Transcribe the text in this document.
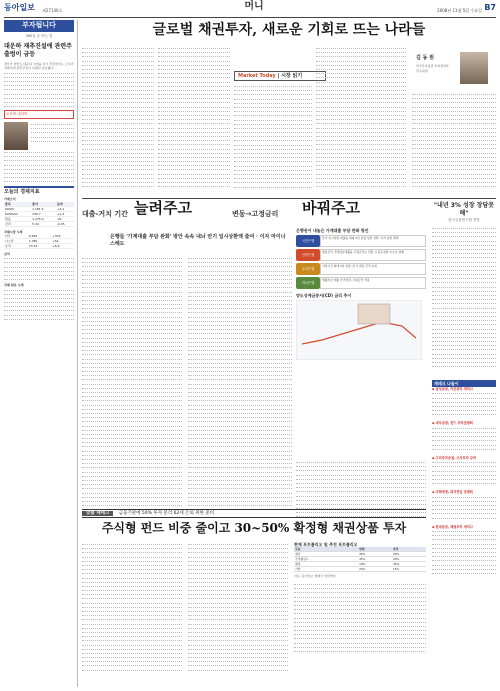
동아일보 제27146호	머니	2008년 11월 5일 수요일 B7
부자됩니다
365일 돈 버는 법
대운하 재추진설에 관련주 출렁이 금등
정부가 한반도 대운하 사업을 다시 추진한다는 소식이 전해지며 관련주들이 일제히 급등했다.
오르막 내리막
오늘의 경제지표
가계소식
종목	종가	등락
KOSPI	1,181.5	+2.1
KOSDAQ	336.7	+1.4
환율	1,275.0	-21
금리	5.44	-0.05
국제시장 시세
다우	9,625	+305
나스닥	1,780	+54
유가	70.53	+6.6
금리
국제 원유 시세
글로벌 채권투자, 새로운 기회로 뜨는 나라들
Market Today | 시장 읽기
김 동 원
한국투자증권 투자전략부 연구위원
대출-거치 기간 늘려주고	변동→고정금리 바꿔주고
은행들 '가계대출 부담 완화' 방안 속속 내놔 만기 일시상환액 줄여 · 이자 마이너스해도
은행권이 내놓은 가계대출 부담 완화 방안
국민은행
만기 일시상환 대출을 최대 5년 분할 상환 전환. 이자 감면 혜택
신한은행
변동금리 주택담보대출을 고정금리로 전환 시 중도상환 수수료 면제
우리은행
거치기간 최대 3년 연장, 만기 연장 금리 우대
하나은행
생활자금 대출 만기연장, 우대금리 적용
양도성예금증서(CD) 금리 추이
"내년 3% 성장 장담못해"
한국금융연구원 전망
재테크 나들이
◆ 삼성증권, 자산관리 세미나
◆ 대우증권, 펀드 투자설명회
◆ 우리투자증권, 주식투자 강좌
◆ 미래에셋, 퇴직연금 설명회
◆ 현대증권, 채권투자 세미나
맞춤 재테크 금융기관에 50% 투자 분리 62세 은퇴 위한 준비
주식형 펀드 비중 줄이고 30~50% 확정형 채권상품 투자
현재 포트폴리오 및 추천 포트폴리오
구분	현재	추천
예금	30%	30%
주식형펀드	45%	20%
채권	10%	35%
기타	15%	15%
자료: 동아일보 재테크 상담센터
